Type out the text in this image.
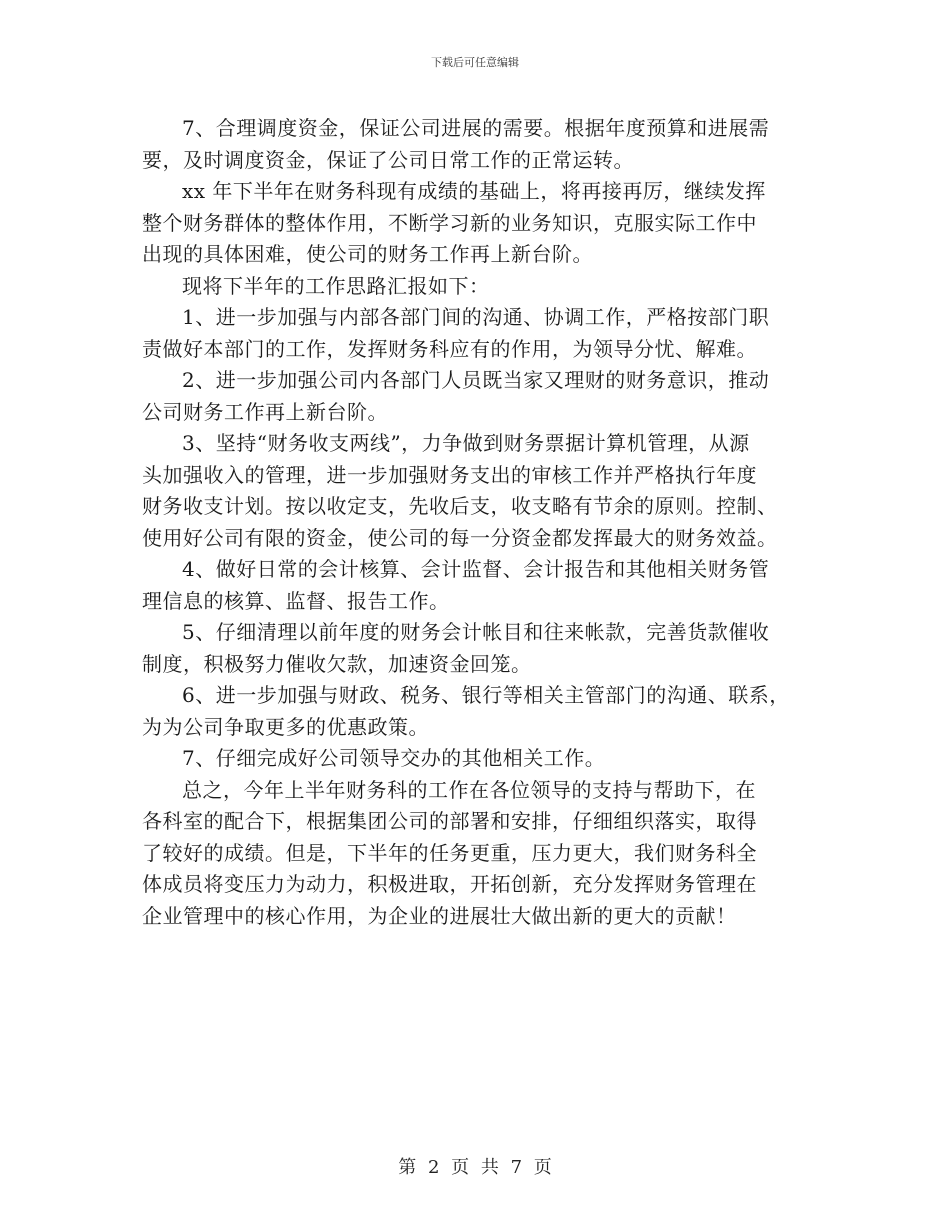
下载后可任意编辑

7、合理调度资金，保证公司进展的需要。根据年度预算和进展需
要，及时调度资金，保证了公司日常工作的正常运转。

xx 年下半年在财务科现有成绩的基础上，将再接再厉，继续发挥
整个财务群体的整体作用，不断学习新的业务知识，克服实际工作中
出现的具体困难，使公司的财务工作再上新台阶。

现将下半年的工作思路汇报如下：

1、进一步加强与内部各部门间的沟通、协调工作，严格按部门职
责做好本部门的工作，发挥财务科应有的作用，为领导分忧、解难。

2、进一步加强公司内各部门人员既当家又理财的财务意识，推动
公司财务工作再上新台阶。

3、坚持“财务收支两线”，力争做到财务票据计算机管理，从源
头加强收入的管理，进一步加强财务支出的审核工作并严格执行年度
财务收支计划。按以收定支，先收后支，收支略有节余的原则。控制、
使用好公司有限的资金，使公司的每一分资金都发挥最大的财务效益。

4、做好日常的会计核算、会计监督、会计报告和其他相关财务管
理信息的核算、监督、报告工作。

5、仔细清理以前年度的财务会计帐目和往来帐款，完善货款催收
制度，积极努力催收欠款，加速资金回笼。

6、进一步加强与财政、税务、银行等相关主管部门的沟通、联系，
为为公司争取更多的优惠政策。

7、仔细完成好公司领导交办的其他相关工作。

总之，今年上半年财务科的工作在各位领导的支持与帮助下，在
各科室的配合下，根据集团公司的部署和安排，仔细组织落实，取得
了较好的成绩。但是，下半年的任务更重，压力更大，我们财务科全
体成员将变压力为动力，积极进取，开拓创新，充分发挥财务管理在
企业管理中的核心作用，为企业的进展壮大做出新的更大的贡献！

第 2 页 共 7 页
